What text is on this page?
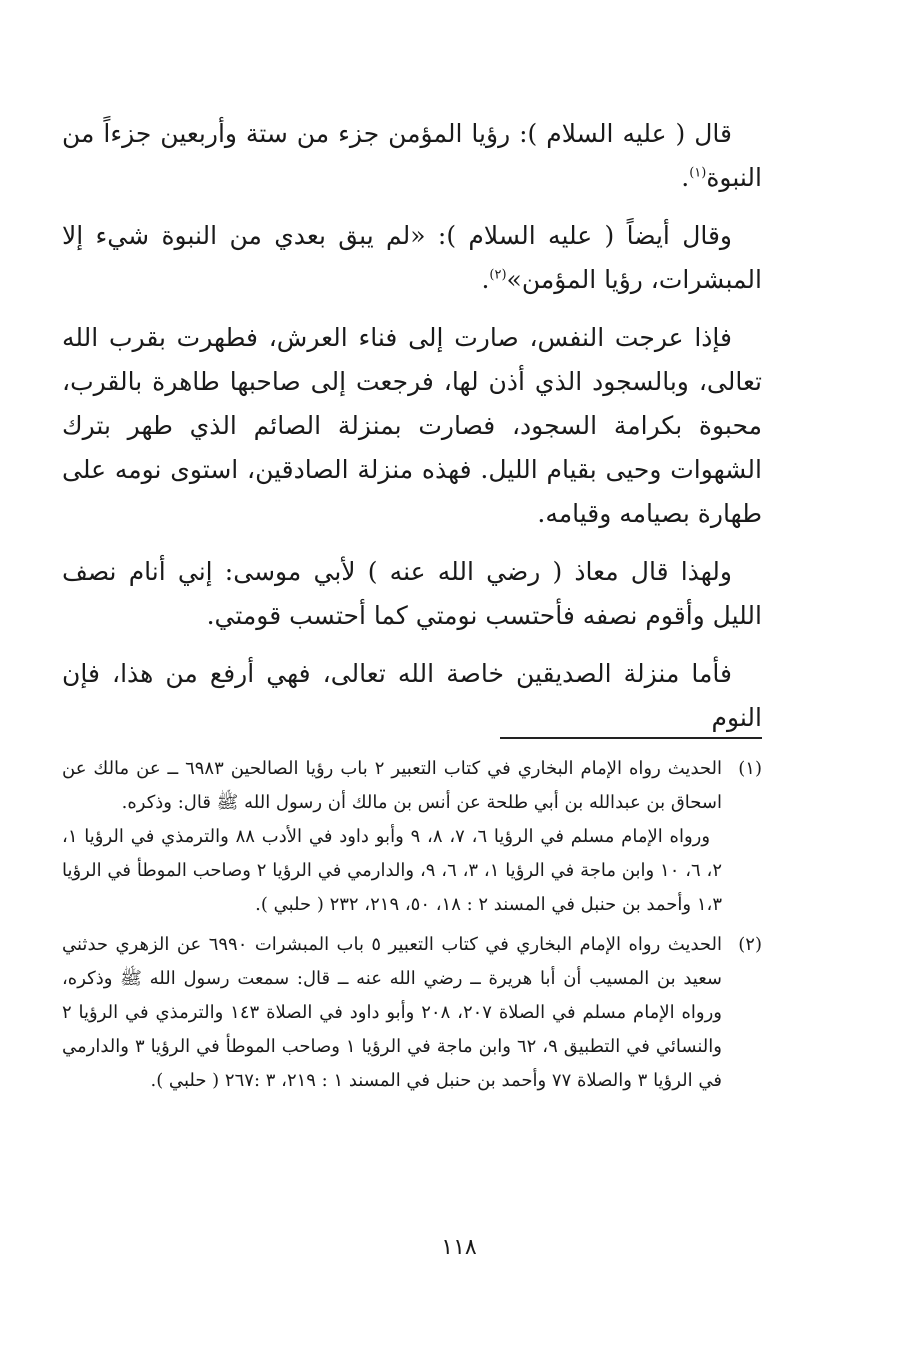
قال ( عليه السلام ): رؤيا المؤمن جزء من ستة وأربعين جزءاً من النبوة$^{(١)}$.

وقال أيضاً ( عليه السلام ): «لم يبق بعدي من النبوة شيء إلا المبشرات، رؤيا المؤمن»$^{(٢)}$.

فإذا عرجت النفس، صارت إلى فناء العرش، فطهرت بقرب الله تعالى، وبالسجود الذي أذن لها، فرجعت إلى صاحبها طاهرة بالقرب، محبوة بكرامة السجود، فصارت بمنزلة الصائم الذي طهر بترك الشهوات وحيى بقيام الليل. فهذه منزلة الصادقين، استوى نومه على طهارة بصيامه وقيامه.

ولهذا قال معاذ ( رضي الله عنه ) لأبي موسى: إني أنام نصف الليل وأقوم نصفه فأحتسب نومتي كما أحتسب قومتي.

فأما منزلة الصديقين خاصة الله تعالى، فهي أرفع من هذا، فإن النوم

(١)
الحديث رواه الإمام البخاري في كتاب التعبير ٢ باب رؤيا الصالحين ٦٩٨٣ ــ عن مالك عن اسحاق بن عبدالله بن أبي طلحة عن أنس بن مالك أن رسول الله ﷺ قال: وذكره.
ورواه الإمام مسلم في الرؤيا ٦، ٧، ٨، ٩ وأبو داود في الأدب ٨٨ والترمذي في الرؤيا ١، ٢، ٦، ١٠ وابن ماجة في الرؤيا ١، ٣، ٦، ٩، والدارمي في الرؤيا ٢ وصاحب الموطأ في الرؤيا ١،٣ وأحمد بن حنبل في المسند ٢ : ١٨، ٥٠، ٢١٩، ٢٣٢ ( حلبي ).
(٢)
الحديث رواه الإمام البخاري في كتاب التعبير ٥ باب المبشرات ٦٩٩٠ عن الزهري حدثني سعيد بن المسيب أن أبا هريرة ــ رضي الله عنه ــ قال: سمعت رسول الله ﷺ وذكره، ورواه الإمام مسلم في الصلاة ٢٠٧، ٢٠٨ وأبو داود في الصلاة ١٤٣ والترمذي في الرؤيا ٢ والنسائي في التطبيق ٩، ٦٢ وابن ماجة في الرؤيا ١ وصاحب الموطأ في الرؤيا ٣ والدارمي في الرؤيا ٣ والصلاة ٧٧ وأحمد بن حنبل في المسند ١ : ٢١٩، ٣ :٢٦٧ ( حلبي ).
١١٨
